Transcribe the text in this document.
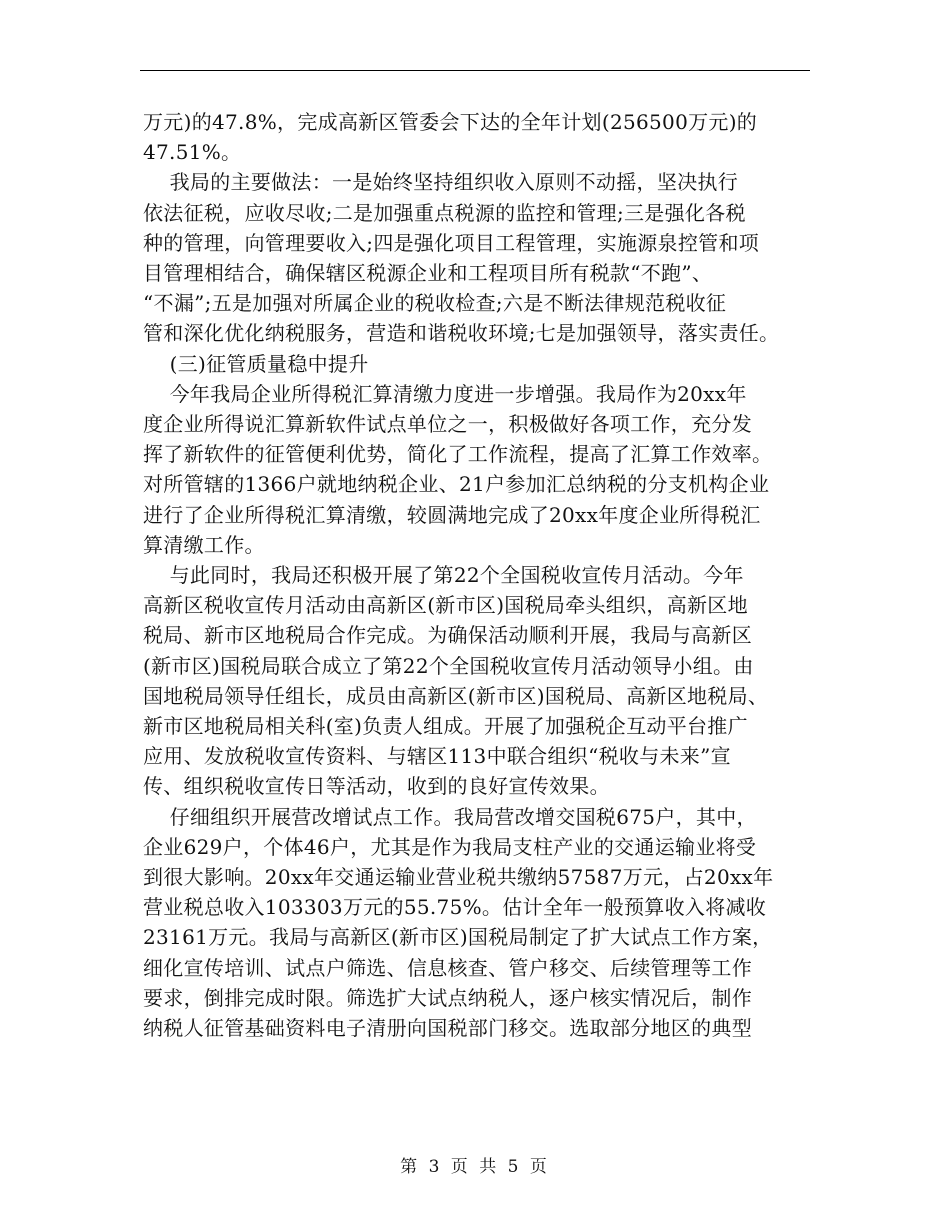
万元)的47.8%，完成高新区管委会下达的全年计划(256500万元)的
47.51%。
我局的主要做法：一是始终坚持组织收入原则不动摇，坚决执行
依法征税，应收尽收;二是加强重点税源的监控和管理;三是强化各税
种的管理，向管理要收入;四是强化项目工程管理，实施源泉控管和项
目管理相结合，确保辖区税源企业和工程项目所有税款“不跑”、
“不漏”;五是加强对所属企业的税收检查;六是不断法律规范税收征
管和深化优化纳税服务，营造和谐税收环境;七是加强领导，落实责任。
(三)征管质量稳中提升
今年我局企业所得税汇算清缴力度进一步增强。我局作为20xx年
度企业所得说汇算新软件试点单位之一，积极做好各项工作，充分发
挥了新软件的征管便利优势，简化了工作流程，提高了汇算工作效率。
对所管辖的1366户就地纳税企业、21户参加汇总纳税的分支机构企业
进行了企业所得税汇算清缴，较圆满地完成了20xx年度企业所得税汇
算清缴工作。
与此同时，我局还积极开展了第22个全国税收宣传月活动。今年
高新区税收宣传月活动由高新区(新市区)国税局牵头组织，高新区地
税局、新市区地税局合作完成。为确保活动顺利开展，我局与高新区
(新市区)国税局联合成立了第22个全国税收宣传月活动领导小组。由
国地税局领导任组长，成员由高新区(新市区)国税局、高新区地税局、
新市区地税局相关科(室)负责人组成。开展了加强税企互动平台推广
应用、发放税收宣传资料、与辖区113中联合组织“税收与未来”宣
传、组织税收宣传日等活动，收到的良好宣传效果。
仔细组织开展营改增试点工作。我局营改增交国税675户，其中，
企业629户，个体46户，尤其是作为我局支柱产业的交通运输业将受
到很大影响。20xx年交通运输业营业税共缴纳57587万元，占20xx年
营业税总收入103303万元的55.75%。估计全年一般预算收入将减收
23161万元。我局与高新区(新市区)国税局制定了扩大试点工作方案，
细化宣传培训、试点户筛选、信息核查、管户移交、后续管理等工作
要求，倒排完成时限。筛选扩大试点纳税人，逐户核实情况后，制作
纳税人征管基础资料电子清册向国税部门移交。选取部分地区的典型
第 3 页 共 5 页
